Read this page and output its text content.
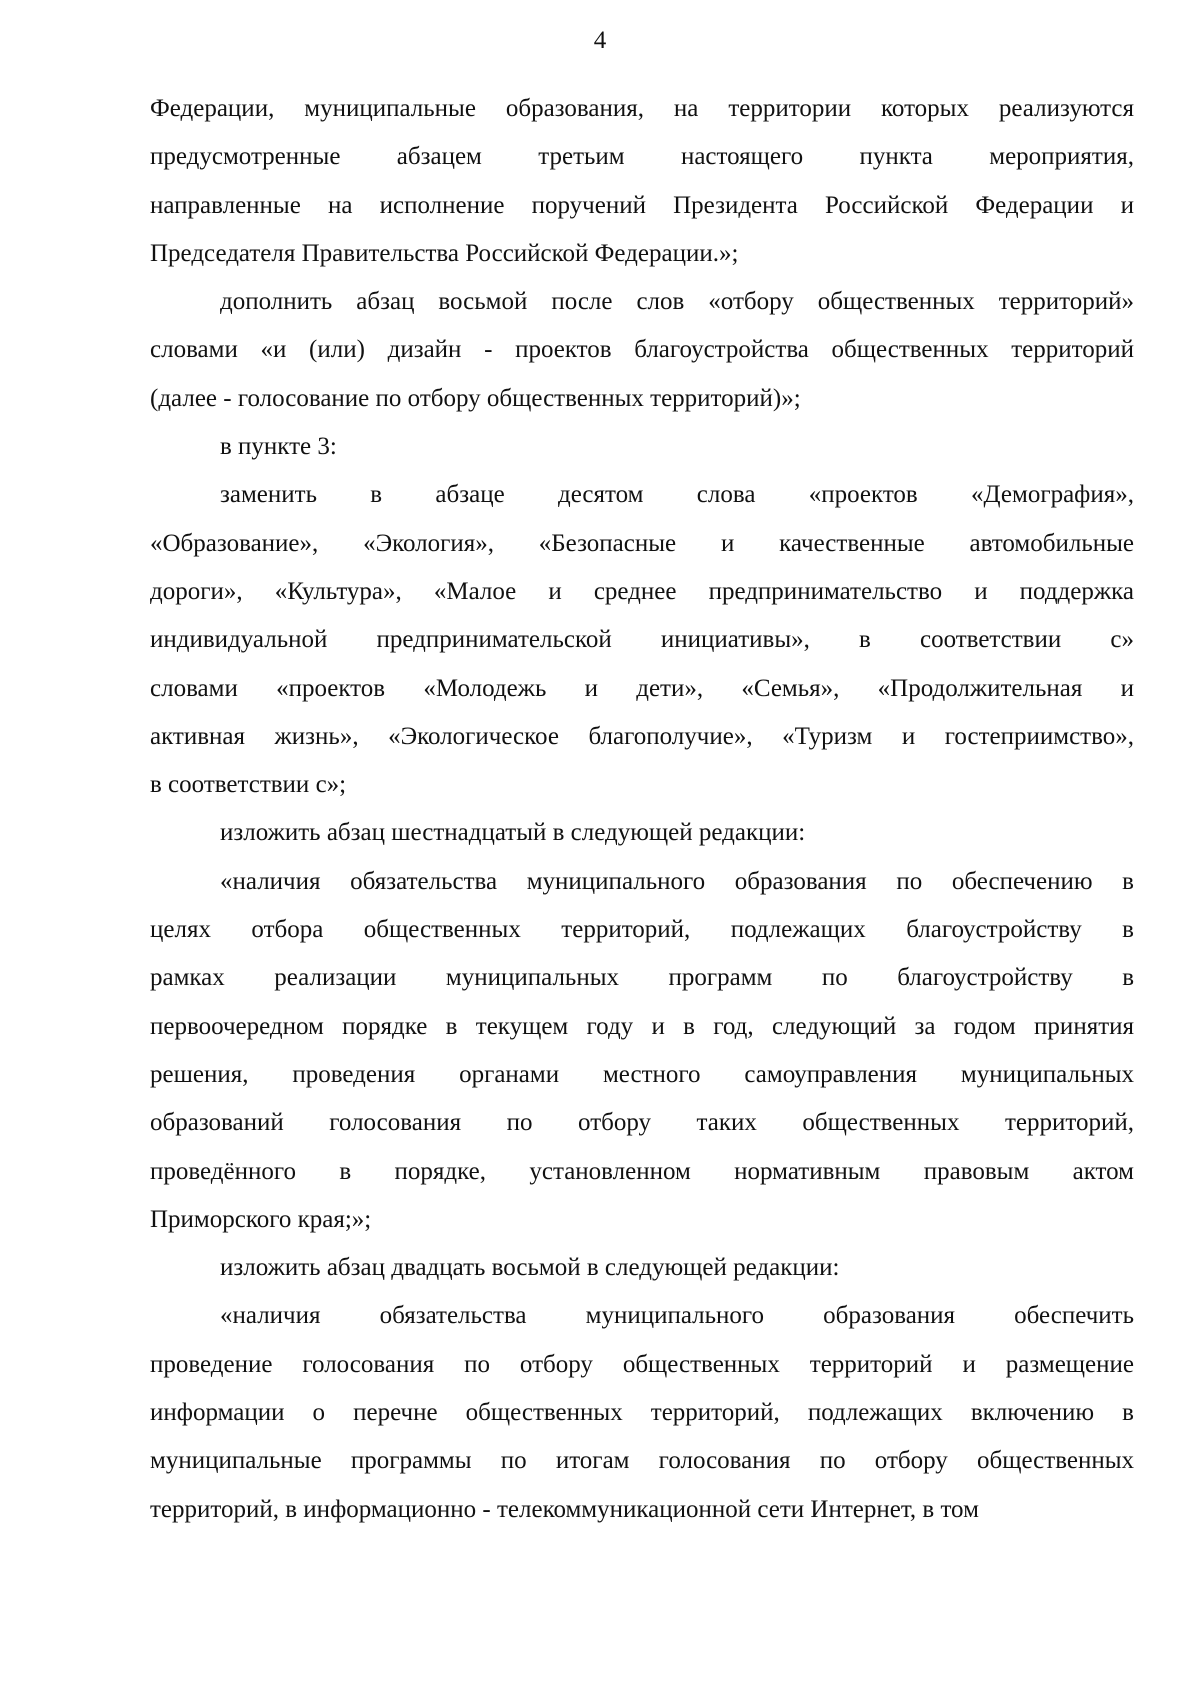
4
Федерации, муниципальные образования, на территории которых реализуются
предусмотренные абзацем третьим настоящего пункта мероприятия,
направленные на исполнение поручений Президента Российской Федерации и
Председателя Правительства Российской Федерации.»;
дополнить абзац восьмой после слов «отбору общественных территорий»
словами «и (или) дизайн - проектов благоустройства общественных территорий
(далее - голосование по отбору общественных территорий)»;
в пункте 3:
заменить в абзаце десятом слова «проектов «Демография»,
«Образование», «Экология», «Безопасные и качественные автомобильные
дороги», «Культура», «Малое и среднее предпринимательство и поддержка
индивидуальной предпринимательской инициативы», в соответствии с»
словами «проектов «Молодежь и дети», «Семья», «Продолжительная и
активная жизнь», «Экологическое благополучие», «Туризм и гостеприимство»,
в соответствии с»;
изложить абзац шестнадцатый в следующей редакции:
«наличия обязательства муниципального образования по обеспечению в
целях отбора общественных территорий, подлежащих благоустройству в
рамках реализации муниципальных программ по благоустройству в
первоочередном порядке в текущем году и в год, следующий за годом принятия
решения, проведения органами местного самоуправления муниципальных
образований голосования по отбору таких общественных территорий,
проведённого в порядке, установленном нормативным правовым актом
Приморского края;»;
изложить абзац двадцать восьмой в следующей редакции:
«наличия обязательства муниципального образования обеспечить
проведение голосования по отбору общественных территорий и размещение
информации о перечне общественных территорий, подлежащих включению в
муниципальные программы по итогам голосования по отбору общественных
территорий, в информационно - телекоммуникационной сети Интернет, в том
